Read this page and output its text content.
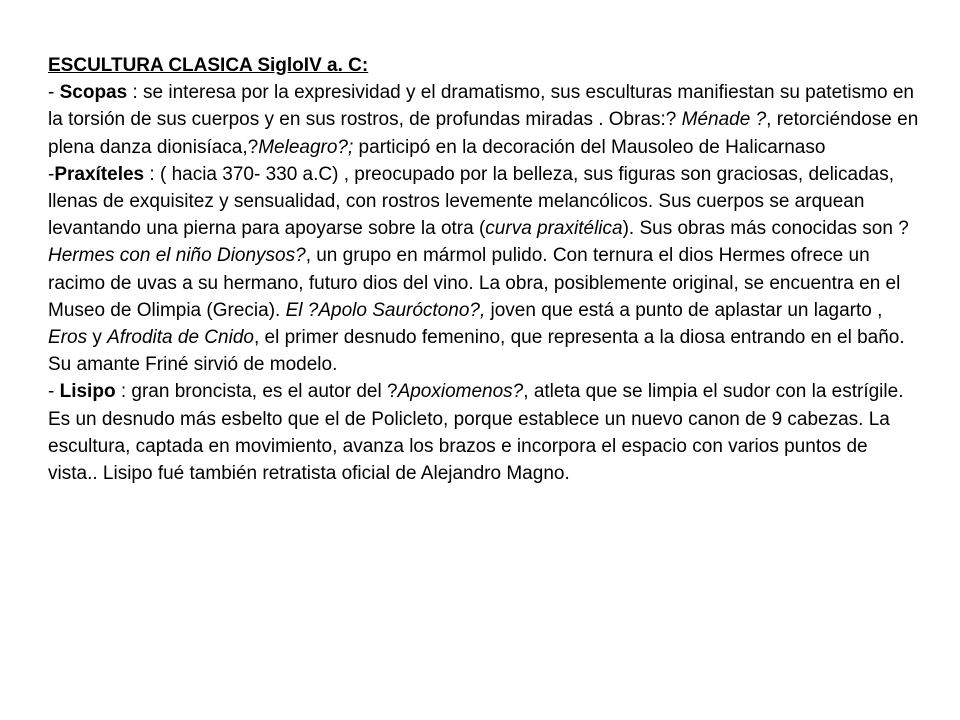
ESCULTURA CLASICA SigloIV a. C:

- Scopas : se interesa por la expresividad y el dramatismo, sus esculturas manifiestan su patetismo en la torsión de sus cuerpos y en sus rostros, de profundas miradas . Obras:? Ménade ?, retorciéndose en plena danza dionisíaca,?Meleagro?; participó en la decoración del Mausoleo de Halicarnaso

-Praxíteles : ( hacia 370- 330 a.C) , preocupado por la belleza, sus figuras son graciosas, delicadas, llenas de exquisitez y sensualidad, con rostros levemente melancólicos. Sus cuerpos se arquean levantando una pierna para apoyarse sobre la otra (curva praxitélica). Sus obras más conocidas son ?Hermes con el niño Dionysos?, un grupo en mármol pulido. Con ternura el dios Hermes ofrece un racimo de uvas a su hermano, futuro dios del vino. La obra, posiblemente original, se encuentra en el Museo de Olimpia (Grecia). El ?Apolo Sauróctono?, joven que está a punto de aplastar un lagarto , Eros y Afrodita de Cnido, el primer desnudo femenino, que representa a la diosa entrando en el baño. Su amante Friné sirvió de modelo.

- Lisipo : gran broncista, es el autor del ?Apoxiomenos?, atleta que se limpia el sudor con la estrígile. Es un desnudo más esbelto que el de Policleto, porque establece un nuevo canon de 9 cabezas. La escultura, captada en movimiento, avanza los brazos e incorpora el espacio con varios puntos de vista.. Lisipo fué también retratista oficial de Alejandro Magno.
